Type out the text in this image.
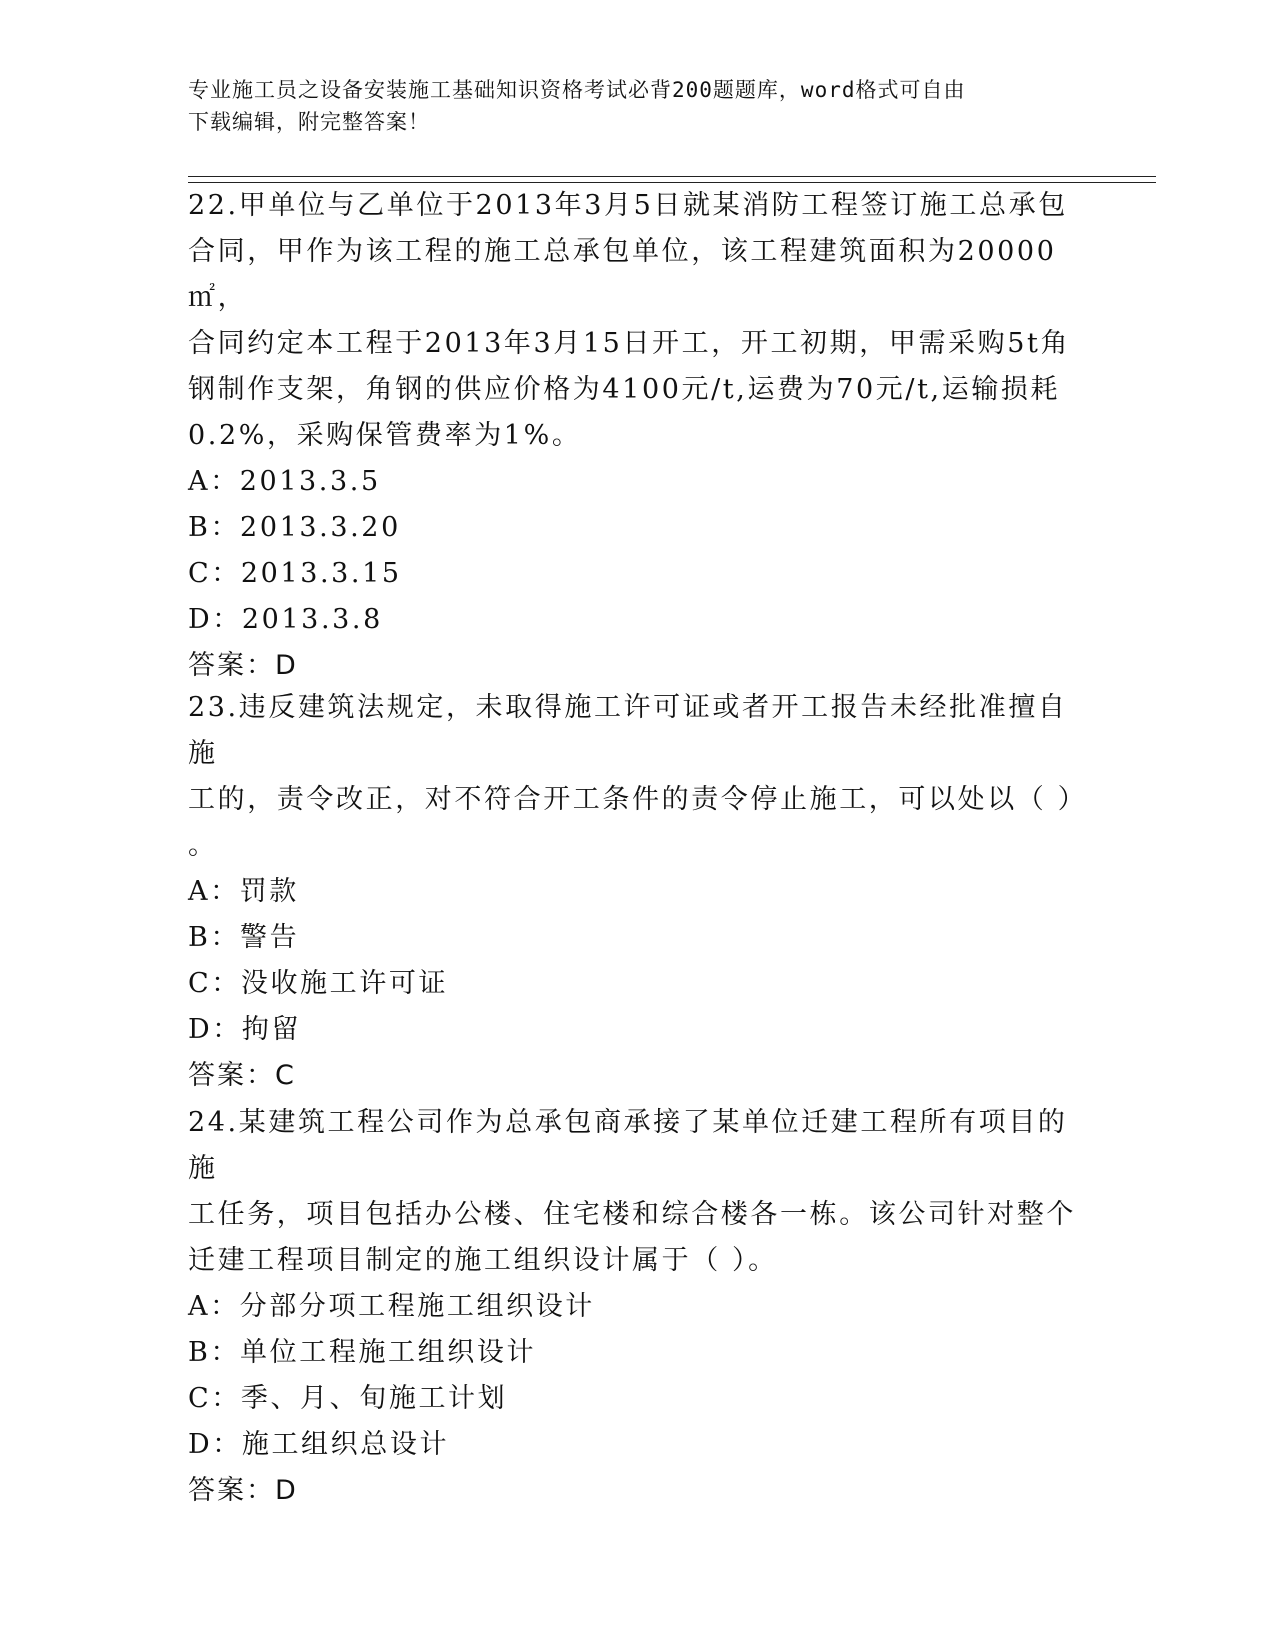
专业施工员之设备安装施工基础知识资格考试必背200题题库，word格式可自由
下载编辑，附完整答案！

22.甲单位与乙单位于2013年3月5日就某消防工程签订施工总承包

合同，甲作为该工程的施工总承包单位，该工程建筑面积为20000㎡，

合同约定本工程于2013年3月15日开工，开工初期，甲需采购5t角

钢制作支架，角钢的供应价格为4100元/t,运费为70元/t,运输损耗

0.2%，采购保管费率为1%。

A：2013.3.5

B：2013.3.20

C：2013.3.15

D：2013.3.8

答案：D

23.违反建筑法规定，未取得施工许可证或者开工报告未经批准擅自施

工的，责令改正，对不符合开工条件的责令停止施工，可以处以（ ）

。

A：罚款

B：警告

C：没收施工许可证

D：拘留

答案：C

24.某建筑工程公司作为总承包商承接了某单位迁建工程所有项目的施

工任务，项目包括办公楼、住宅楼和综合楼各一栋。该公司针对整个

迁建工程项目制定的施工组织设计属于（ ）。

A：分部分项工程施工组织设计

B：单位工程施工组织设计

C：季、月、旬施工计划

D：施工组织总设计

答案：D
